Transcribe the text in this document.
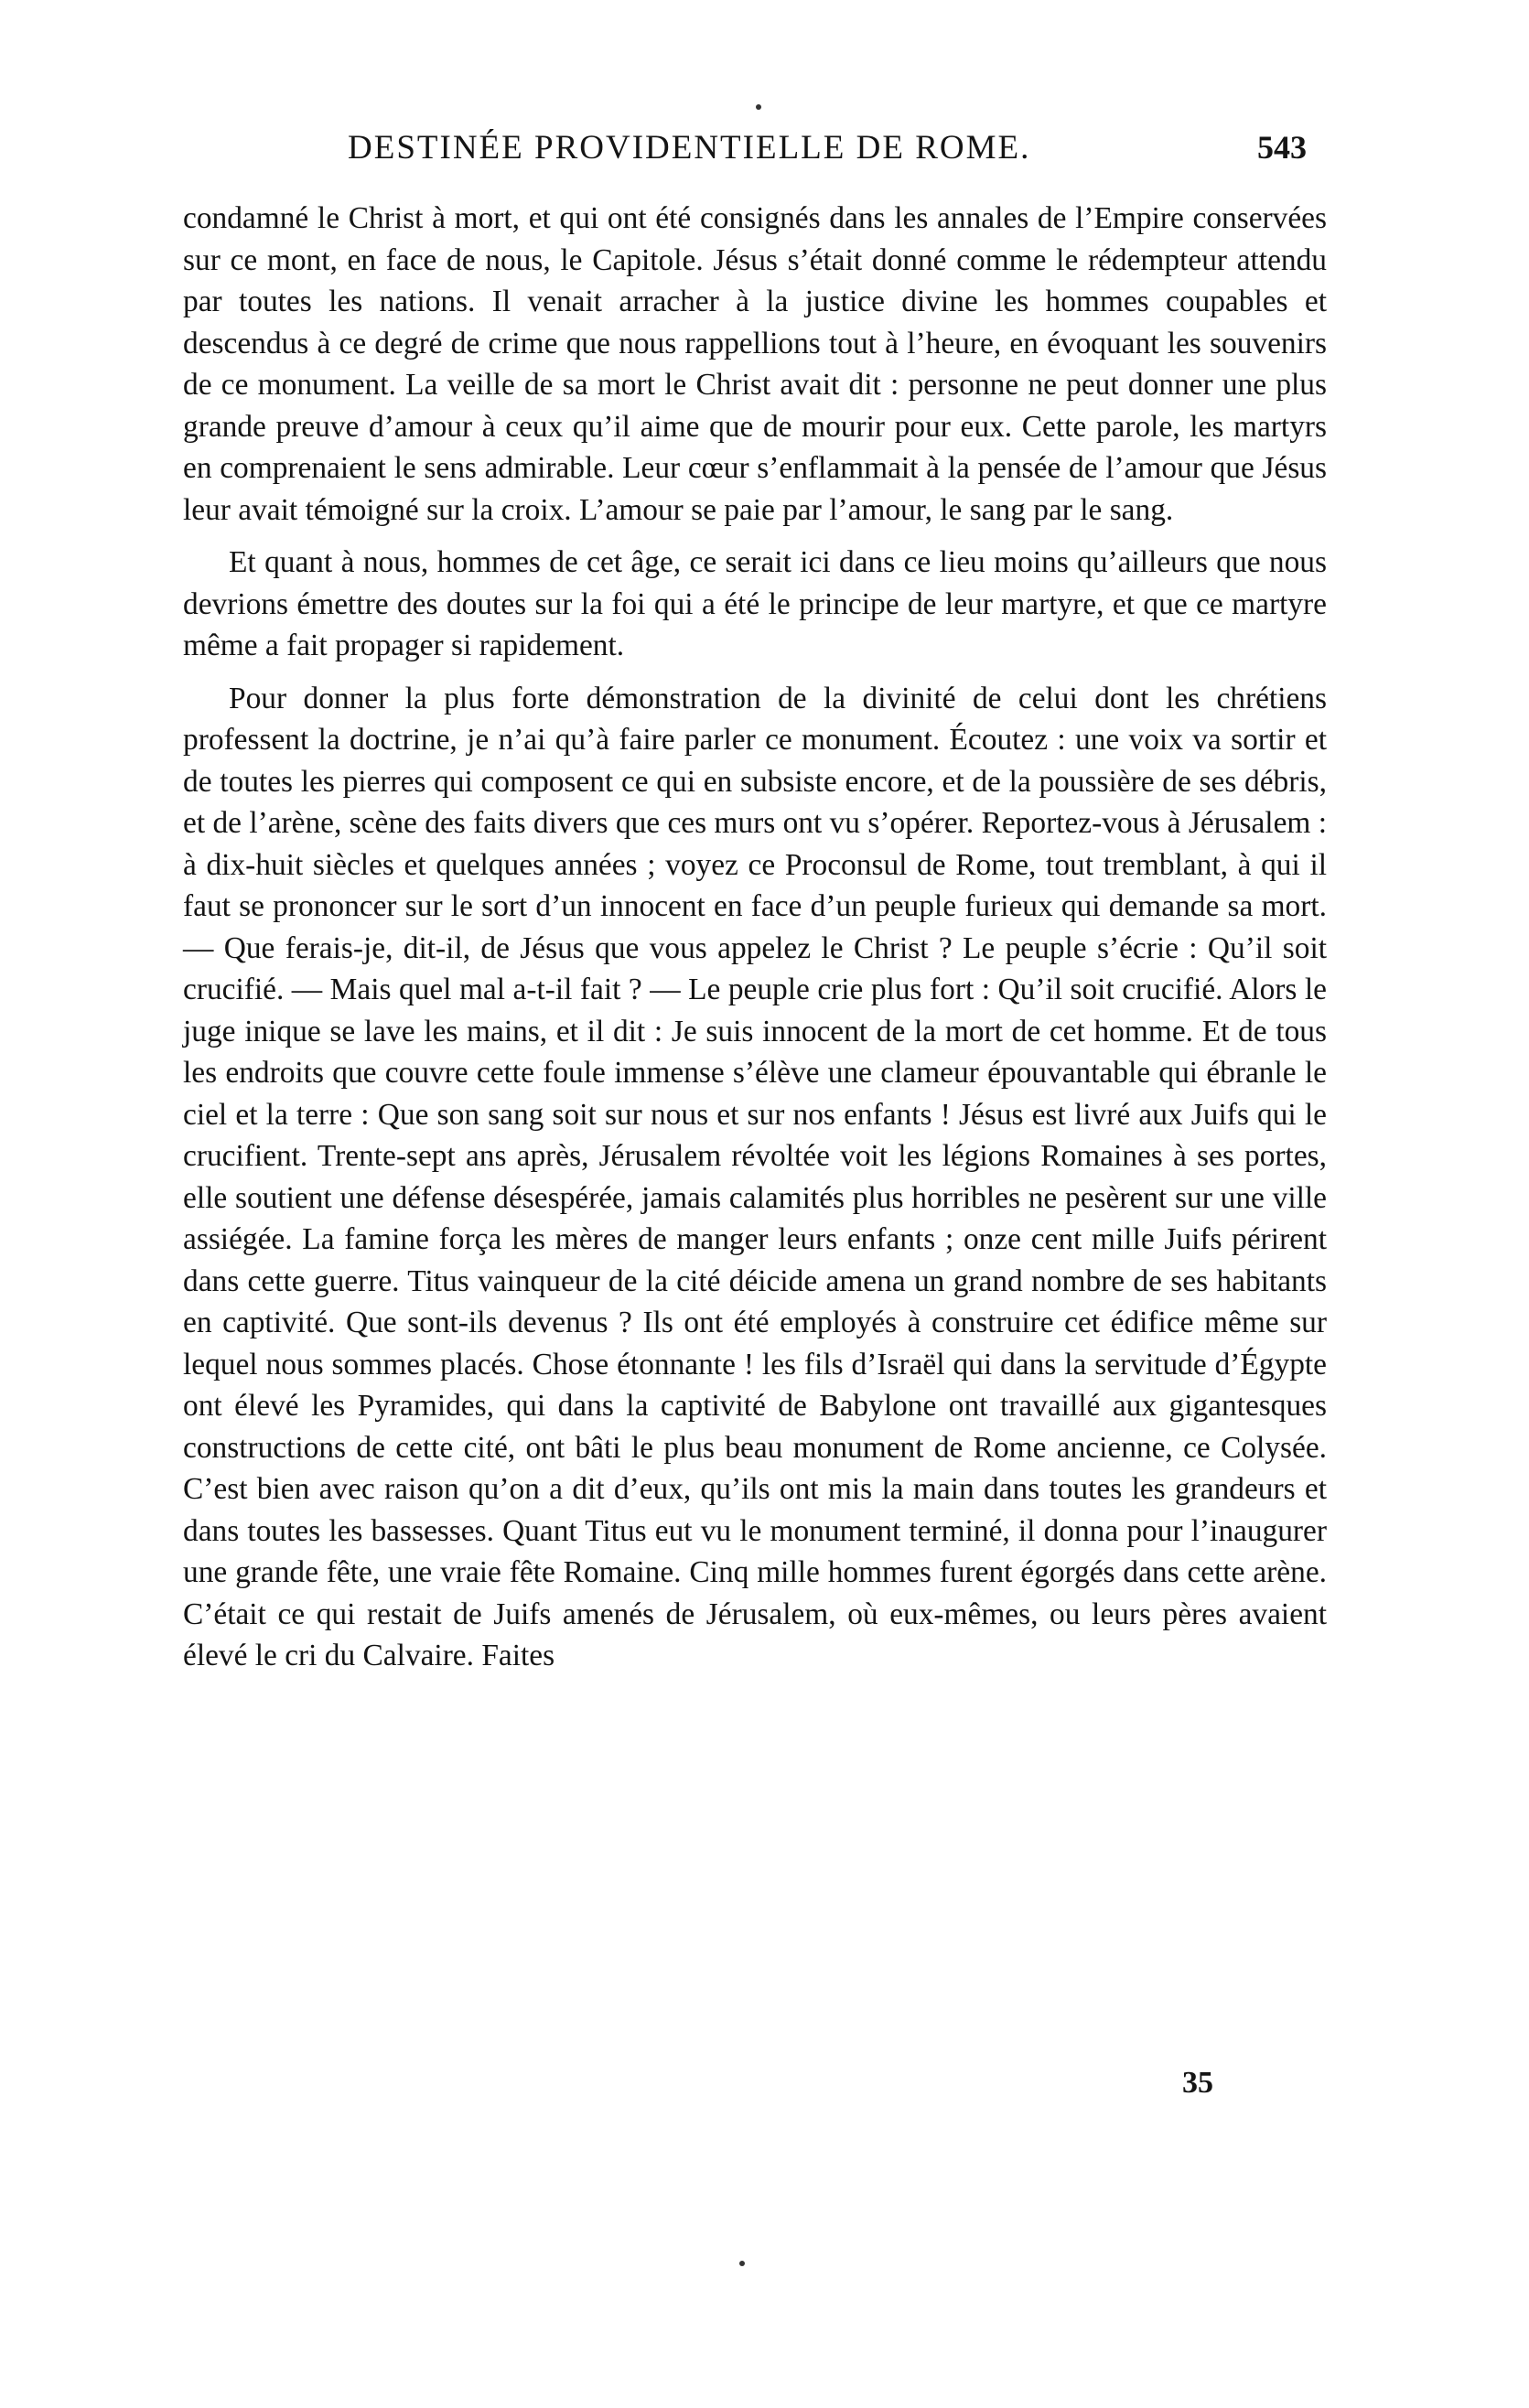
DESTINÉE PROVIDENTIELLE DE ROME.	543

condamné le Christ à mort, et qui ont été consignés dans les annales de l’Empire conservées sur ce mont, en face de nous, le Capitole. Jésus s’était donné comme le rédempteur attendu par toutes les nations. Il venait arracher à la justice divine les hommes coupables et descendus à ce degré de crime que nous rappellions tout à l’heure, en évoquant les souvenirs de ce monument. La veille de sa mort le Christ avait dit : personne ne peut donner une plus grande preuve d’amour à ceux qu’il aime que de mourir pour eux. Cette parole, les martyrs en comprenaient le sens admirable. Leur cœur s’enflammait à la pensée de l’amour que Jésus leur avait témoigné sur la croix. L’amour se paie par l’amour, le sang par le sang.

Et quant à nous, hommes de cet âge, ce serait ici dans ce lieu moins qu’ailleurs que nous devrions émettre des doutes sur la foi qui a été le principe de leur martyre, et que ce martyre même a fait propager si rapidement.

Pour donner la plus forte démonstration de la divinité de celui dont les chrétiens professent la doctrine, je n’ai qu’à faire parler ce monument. Écoutez : une voix va sortir et de toutes les pierres qui composent ce qui en subsiste encore, et de la poussière de ses débris, et de l’arène, scène des faits divers que ces murs ont vu s’opérer. Reportez-vous à Jérusalem : à dix-huit siècles et quelques années ; voyez ce Proconsul de Rome, tout tremblant, à qui il faut se prononcer sur le sort d’un innocent en face d’un peuple furieux qui demande sa mort. — Que ferais-je, dit-il, de Jésus que vous appelez le Christ ? Le peuple s’écrie : Qu’il soit crucifié. — Mais quel mal a-t-il fait ? — Le peuple crie plus fort : Qu’il soit crucifié. Alors le juge inique se lave les mains, et il dit : Je suis innocent de la mort de cet homme. Et de tous les endroits que couvre cette foule immense s’élève une clameur épouvantable qui ébranle le ciel et la terre : Que son sang soit sur nous et sur nos enfants ! Jésus est livré aux Juifs qui le crucifient. Trente-sept ans après, Jérusalem révoltée voit les légions Romaines à ses portes, elle soutient une défense désespérée, jamais calamités plus horribles ne pesèrent sur une ville assiégée. La famine força les mères de manger leurs enfants ; onze cent mille Juifs périrent dans cette guerre. Titus vainqueur de la cité déicide amena un grand nombre de ses habitants en captivité. Que sont-ils devenus ? Ils ont été employés à construire cet édifice même sur lequel nous sommes placés. Chose étonnante ! les fils d’Israël qui dans la servitude d’Égypte ont élevé les Pyramides, qui dans la captivité de Babylone ont travaillé aux gigantesques constructions de cette cité, ont bâti le plus beau monument de Rome ancienne, ce Colysée. C’est bien avec raison qu’on a dit d’eux, qu’ils ont mis la main dans toutes les grandeurs et dans toutes les bassesses. Quant Titus eut vu le monument terminé, il donna pour l’inaugurer une grande fête, une vraie fête Romaine. Cinq mille hommes furent égorgés dans cette arène. C’était ce qui restait de Juifs amenés de Jérusalem, où eux-mêmes, ou leurs pères avaient élevé le cri du Calvaire. Faites

35
